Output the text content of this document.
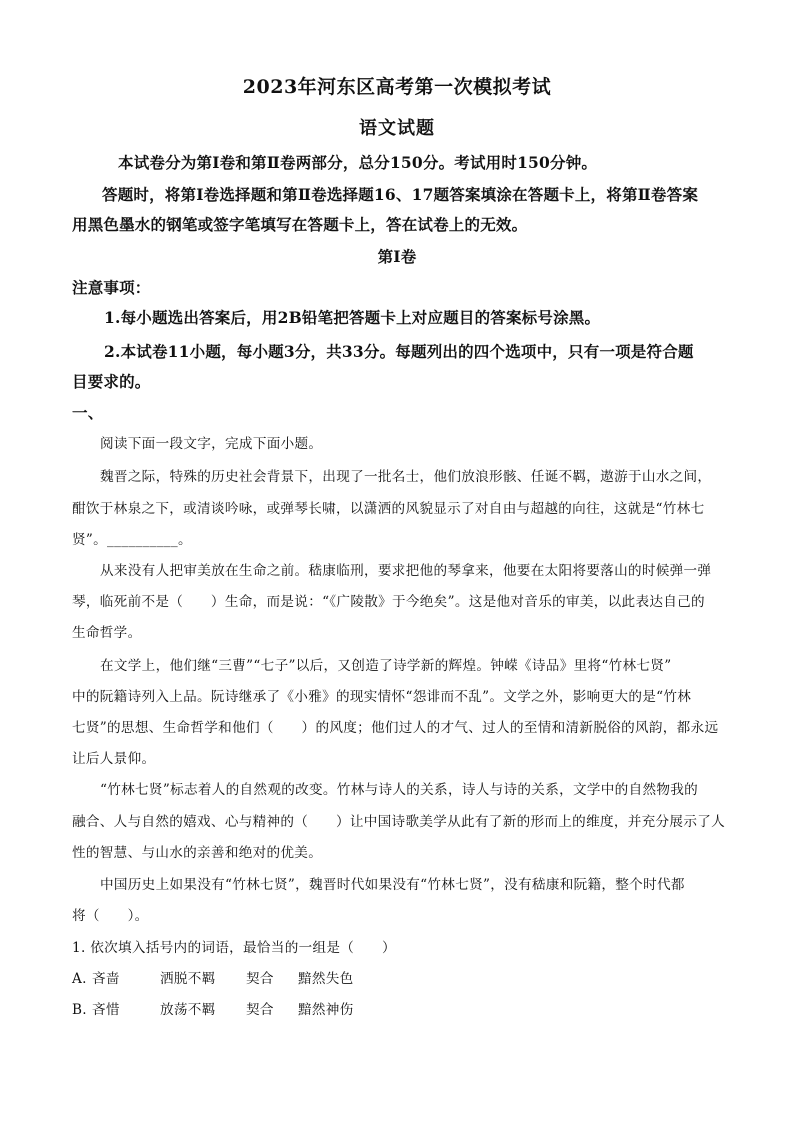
2023年河东区高考第一次模拟考试
语文试题
本试卷分为第Ⅰ卷和第Ⅱ卷两部分，总分150分。考试用时150分钟。
答题时，将第Ⅰ卷选择题和第Ⅱ卷选择题16、17题答案填涂在答题卡上，将第Ⅱ卷答案
用黑色墨水的钢笔或签字笔填写在答题卡上，答在试卷上的无效。
第Ⅰ卷
注意事项：
1.每小题选出答案后，用2B铅笔把答题卡上对应题目的答案标号涂黑。
2.本试卷11小题，每小题3分，共33分。每题列出的四个选项中，只有一项是符合题
目要求的。
一、
阅读下面一段文字，完成下面小题。
魏晋之际，特殊的历史社会背景下，出现了一批名士，他们放浪形骸、任诞不羁，遨游于山水之间，
酣饮于林泉之下，或清谈吟咏，或弹琴长啸，以潇洒的风貌显示了对自由与超越的向往，这就是“竹林七
贤”。__________。
从来没有人把审美放在生命之前。嵇康临刑，要求把他的琴拿来，他要在太阳将要落山的时候弹一弹
琴，临死前不是（　　）生命，而是说：“《广陵散》于今绝矣”。这是他对音乐的审美，以此表达自己的
生命哲学。
在文学上，他们继“三曹”“七子”以后，又创造了诗学新的辉煌。钟嵘《诗品》里将“竹林七贤”
中的阮籍诗列入上品。阮诗继承了《小雅》的现实情怀“怨诽而不乱”。文学之外，影响更大的是“竹林
七贤”的思想、生命哲学和他们（　　）的风度；他们过人的才气、过人的至情和清新脱俗的风韵，都永远
让后人景仰。
“竹林七贤”标志着人的自然观的改变。竹林与诗人的关系，诗人与诗的关系，文学中的自然物我的
融合、人与自然的嬉戏、心与精神的（　　）让中国诗歌美学从此有了新的形而上的维度，并充分展示了人
性的智慧、与山水的亲善和绝对的优美。
中国历史上如果没有“竹林七贤”，魏晋时代如果没有“竹林七贤”，没有嵇康和阮籍，整个时代都
将（　　）。
1. 依次填入括号内的词语，最恰当的一组是（　　）
A. 吝啬	洒脱不羁 契合 黯然失色
B. 吝惜	放荡不羁 契合 黯然神伤
